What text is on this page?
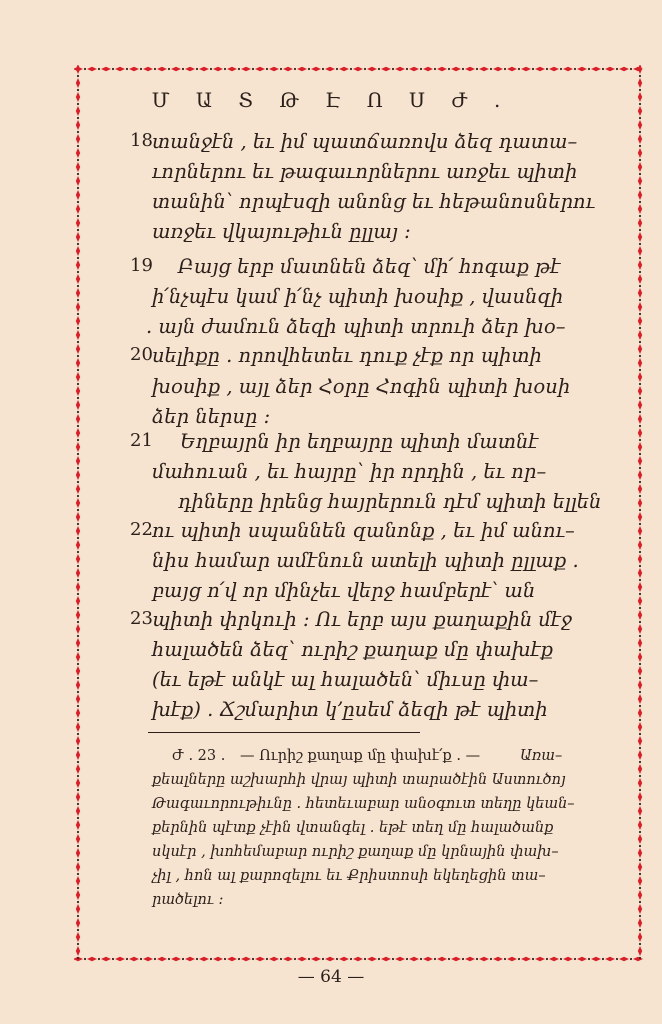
Մ Ա Տ Թ Է Ո Ս Ժ .
18 տանջէն , եւ իմ պատճառովս ձեզ դատա–
ւորներու եւ թագաւորներու առջեւ պիտի
տանին՝ որպէսզի անոնց եւ հեթանոսներու
առջեւ վկայութիւն ըլլայ :
19 Բայց երբ մատնեն ձեզ՝ մի՛ հոգաք թէ
ի՛նչպէս կամ ի՛նչ պիտի խօսիք , վասնզի
. այն ժամուն ձեզի պիտի տրուի ձեր խօ–
20 սելիքը . որովհետեւ դուք չէք որ պիտի
խօսիք , այլ ձեր Հօրը Հոգին պիտի խօսի
ձեր ներսը :
21 Եղբայրն իր եղբայրը պիտի մատնէ
մահուան , եւ հայրը՝ իր որդին , եւ որ–
դիները իրենց հայրերուն դէմ պիտի ելլեն
22 ու պիտի սպաննեն զանոնք , եւ իմ անու–
նիս համար ամէնուն ատելի պիտի ըլլաք .
բայց ո՛վ որ մինչեւ վերջ համբերէ՝ ան
23 պիտի փրկուի : Ու երբ այս քաղաքին մէջ
հալածեն ձեզ՝ ուրիշ քաղաք մը փախէք
(եւ եթէ անկէ ալ հալածեն՝ միւսը փա–
խէք) . Ճշմարիտ կ՚ըսեմ ձեզի թէ պիտի
Ժ . 23 . — Ուրիշ քաղաք մը փախէ՛ք . —	Առա–
քեալները աշխարհի վրայ պիտի տարածէին Աստուծոյ
Թագաւորութիւնը . հետեւաբար անօգուտ տեղը կեան–
քերնին պէտք չէին վտանգել . եթէ տեղ մը հալածանք
սկսէր , խոհեմաբար ուրիշ քաղաք մը կրնային փախ–
չիլ , հոն ալ քարոզելու եւ Քրիստոսի եկեղեցին տա–
րածելու :
— 64 —
